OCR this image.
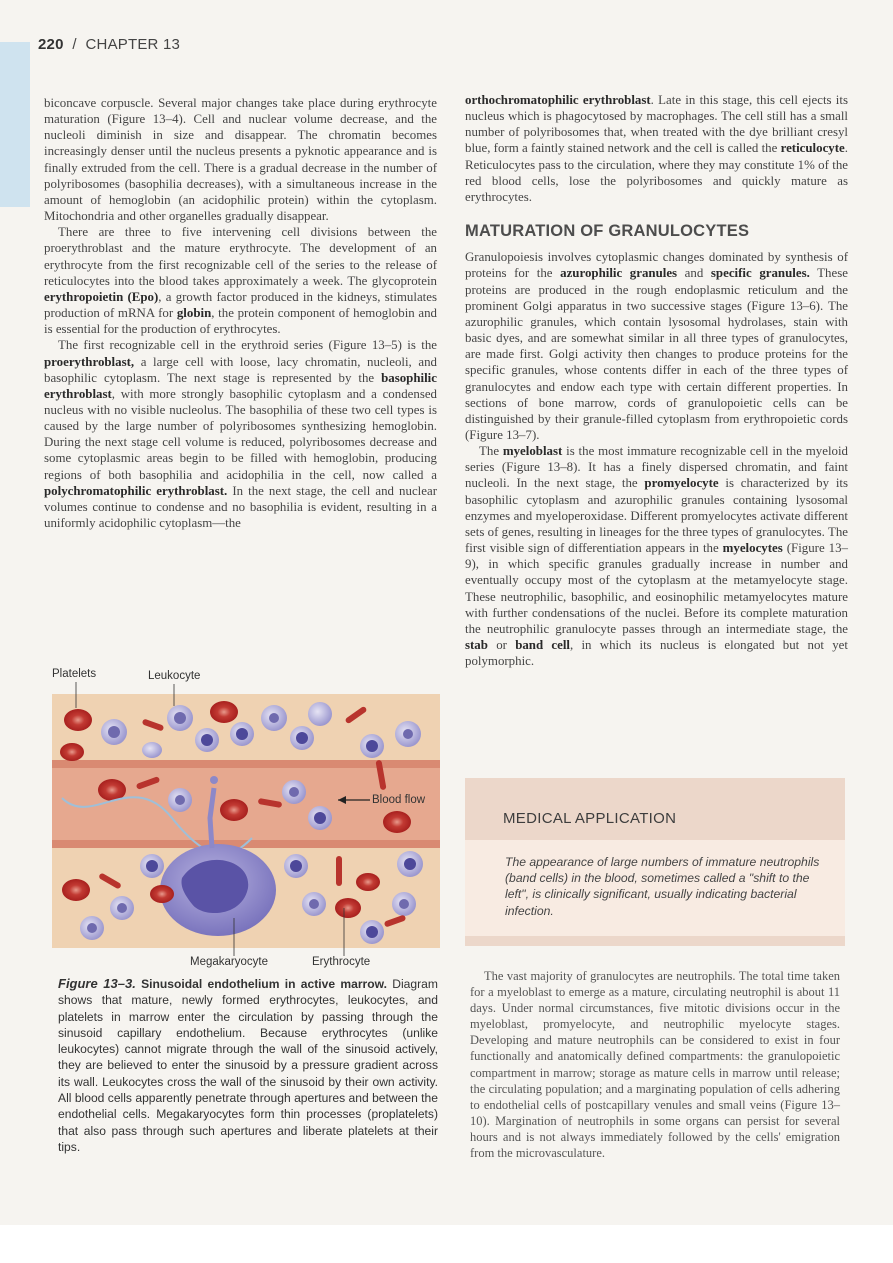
220 / CHAPTER 13

biconcave corpuscle. Several major changes take place during erythrocyte maturation (Figure 13–4). Cell and nuclear volume decrease, and the nucleoli diminish in size and disappear. The chromatin becomes increasingly denser until the nucleus presents a pyknotic appearance and is finally extruded from the cell. There is a gradual decrease in the number of polyribosomes (basophilia decreases), with a simultaneous increase in the amount of hemoglobin (an acidophilic protein) within the cytoplasm. Mitochondria and other organelles gradually disappear.

There are three to five intervening cell divisions between the proerythroblast and the mature erythrocyte. The development of an erythrocyte from the first recognizable cell of the series to the release of reticulocytes into the blood takes approximately a week. The glycoprotein erythropoietin (Epo), a growth factor produced in the kidneys, stimulates production of mRNA for globin, the protein component of hemoglobin and is essential for the production of erythrocytes.

The first recognizable cell in the erythroid series (Figure 13–5) is the proerythroblast, a large cell with loose, lacy chromatin, nucleoli, and basophilic cytoplasm. The next stage is represented by the basophilic erythroblast, with more strongly basophilic cytoplasm and a condensed nucleus with no visible nucleolus. The basophilia of these two cell types is caused by the large number of polyribosomes synthesizing hemoglobin. During the next stage cell volume is reduced, polyribosomes decrease and some cytoplasmic areas begin to be filled with hemoglobin, producing regions of both basophilia and acidophilia in the cell, now called a polychromatophilic erythroblast. In the next stage, the cell and nuclear volumes continue to condense and no basophilia is evident, resulting in a uniformly acidophilic cytoplasm—the

Platelets	Leukocyte
Blood flow
Megakaryocyte	Erythrocyte
Figure 13–3. Sinusoidal endothelium in active marrow. Diagram shows that mature, newly formed erythrocytes, leukocytes, and platelets in marrow enter the circulation by passing through the sinusoid capillary endothelium. Because erythrocytes (unlike leukocytes) cannot migrate through the wall of the sinusoid actively, they are believed to enter the sinusoid by a pressure gradient across its wall. Leukocytes cross the wall of the sinusoid by their own activity. All blood cells apparently penetrate through apertures and between the endothelial cells. Megakaryocytes form thin processes (proplatelets) that also pass through such apertures and liberate platelets at their tips.

orthochromatophilic erythroblast. Late in this stage, this cell ejects its nucleus which is phagocytosed by macrophages. The cell still has a small number of polyribosomes that, when treated with the dye brilliant cresyl blue, form a faintly stained network and the cell is called the reticulocyte. Reticulocytes pass to the circulation, where they may constitute 1% of the red blood cells, lose the polyribosomes and quickly mature as erythrocytes.

MATURATION OF GRANULOCYTES

Granulopoiesis involves cytoplasmic changes dominated by synthesis of proteins for the azurophilic granules and specific granules. These proteins are produced in the rough endoplasmic reticulum and the prominent Golgi apparatus in two successive stages (Figure 13–6). The azurophilic granules, which contain lysosomal hydrolases, stain with basic dyes, and are somewhat similar in all three types of granulocytes, are made first. Golgi activity then changes to produce proteins for the specific granules, whose contents differ in each of the three types of granulocytes and endow each type with certain different properties. In sections of bone marrow, cords of granulopoietic cells can be distinguished by their granule-filled cytoplasm from erythropoietic cords (Figure 13–7).

The myeloblast is the most immature recognizable cell in the myeloid series (Figure 13–8). It has a finely dispersed chromatin, and faint nucleoli. In the next stage, the promyelocyte is characterized by its basophilic cytoplasm and azurophilic granules containing lysosomal enzymes and myeloperoxidase. Different promyelocytes activate different sets of genes, resulting in lineages for the three types of granulocytes. The first visible sign of differentiation appears in the myelocytes (Figure 13–9), in which specific granules gradually increase in number and eventually occupy most of the cytoplasm at the metamyelocyte stage. These neutrophilic, basophilic, and eosinophilic metamyelocytes mature with further condensations of the nuclei. Before its complete maturation the neutrophilic granulocyte passes through an intermediate stage, the stab or band cell, in which its nucleus is elongated but not yet polymorphic.

MEDICAL APPLICATION
The appearance of large numbers of immature neutrophils (band cells) in the blood, sometimes called a "shift to the left", is clinically significant, usually indicating bacterial infection.

The vast majority of granulocytes are neutrophils. The total time taken for a myeloblast to emerge as a mature, circulating neutrophil is about 11 days. Under normal circumstances, five mitotic divisions occur in the myeloblast, promyelocyte, and neutrophilic myelocyte stages. Developing and mature neutrophils can be considered to exist in four functionally and anatomically defined compartments: the granulopoietic compartment in marrow; storage as mature cells in marrow until release; the circulating population; and a marginating population of cells adhering to endothelial cells of postcapillary venules and small veins (Figure 13–10). Margination of neutrophils in some organs can persist for several hours and is not always immediately followed by the cells' emigration from the microvasculature.
